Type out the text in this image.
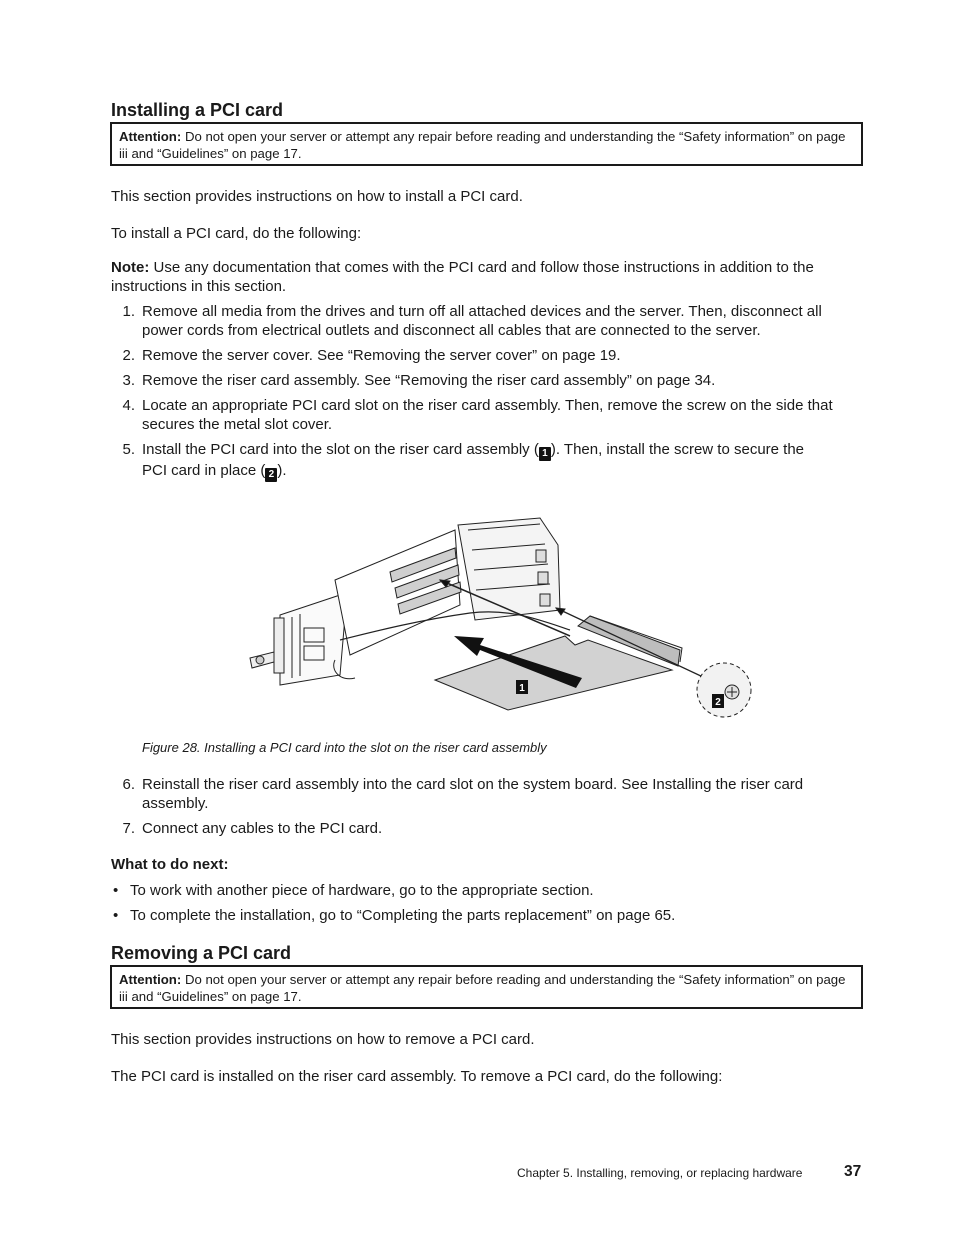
Installing a PCI card
Attention: Do not open your server or attempt any repair before reading and understanding the “Safety information” on page iii and “Guidelines” on page 17.
This section provides instructions on how to install a PCI card.
To install a PCI card, do the following:
Note: Use any documentation that comes with the PCI card and follow those instructions in addition to the instructions in this section.
1. Remove all media from the drives and turn off all attached devices and the server. Then, disconnect all power cords from electrical outlets and disconnect all cables that are connected to the server.
2. Remove the server cover. See “Removing the server cover” on page 19.
3. Remove the riser card assembly. See “Removing the riser card assembly” on page 34.
4. Locate an appropriate PCI card slot on the riser card assembly. Then, remove the screw on the side that secures the metal slot cover.
5. Install the PCI card into the slot on the riser card assembly ( 1 ). Then, install the screw to secure the
PCI card in place ( 2 ).
1
2
Figure 28. Installing a PCI card into the slot on the riser card assembly
6. Reinstall the riser card assembly into the card slot on the system board. See Installing the riser card assembly.
7. Connect any cables to the PCI card.
What to do next:
• To work with another piece of hardware, go to the appropriate section.
• To complete the installation, go to “Completing the parts replacement” on page 65.
Removing a PCI card
Attention: Do not open your server or attempt any repair before reading and understanding the “Safety information” on page iii and “Guidelines” on page 17.
This section provides instructions on how to remove a PCI card.
The PCI card is installed on the riser card assembly. To remove a PCI card, do the following:
Chapter 5. Installing, removing, or replacing hardware	37
